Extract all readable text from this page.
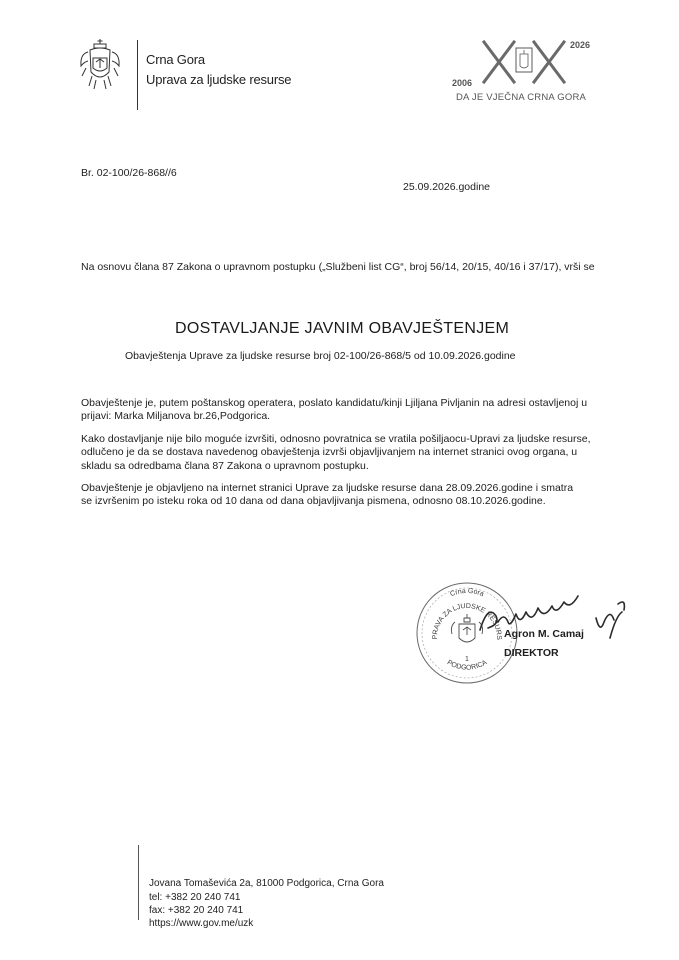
Crna Gora
Uprava za ljudske resurse	2006
2026
DA JE VJEČNA CRNA GORA
Br. 02-100/26-868//6
25.09.2026.godine
Na osnovu člana 87 Zakona o upravnom postupku („Službeni list CG“, broj 56/14, 20/15, 40/16 i 37/17), vrši se
DOSTAVLJANJE JAVNIM OBAVJEŠTENJEM
Obavještenja Uprave za ljudske resurse broj 02-100/26-868/5 od 10.09.2026.godine
Obavještenje je, putem poštanskog operatera, poslato kandidatu/kinji Ljiljana Pivljanin na adresi ostavljenoj u prijavi: Marka Miljanova br.26,Podgorica.
Kako dostavljanje nije bilo moguće izvršiti, odnosno povratnica se vratila pošiljaocu-Upravi za ljudske resurse, odlučeno je da se dostava navedenog obavještenja izvrši objavljivanjem na internet stranici ovog organa, u skladu sa odredbama člana 87 Zakona o upravnom postupku.
Obavještenje je objavljeno na internet stranici Uprave za ljudske resurse dana 28.09.2026.godine i smatra se izvršenim po isteku roka od 10 dana od dana objavljivanja pismena, odnosno 08.10.2026.godine.
Crna Gora
PRAVA ZA LJUDSKE RESURS
PODGORICA
1
Agron M. Camaj
DIREKTOR
Jovana Tomaševića 2a, 81000 Podgorica, Crna Gora
tel: +382 20 240 741
fax: +382 20 240 741
https://www.gov.me/uzk
